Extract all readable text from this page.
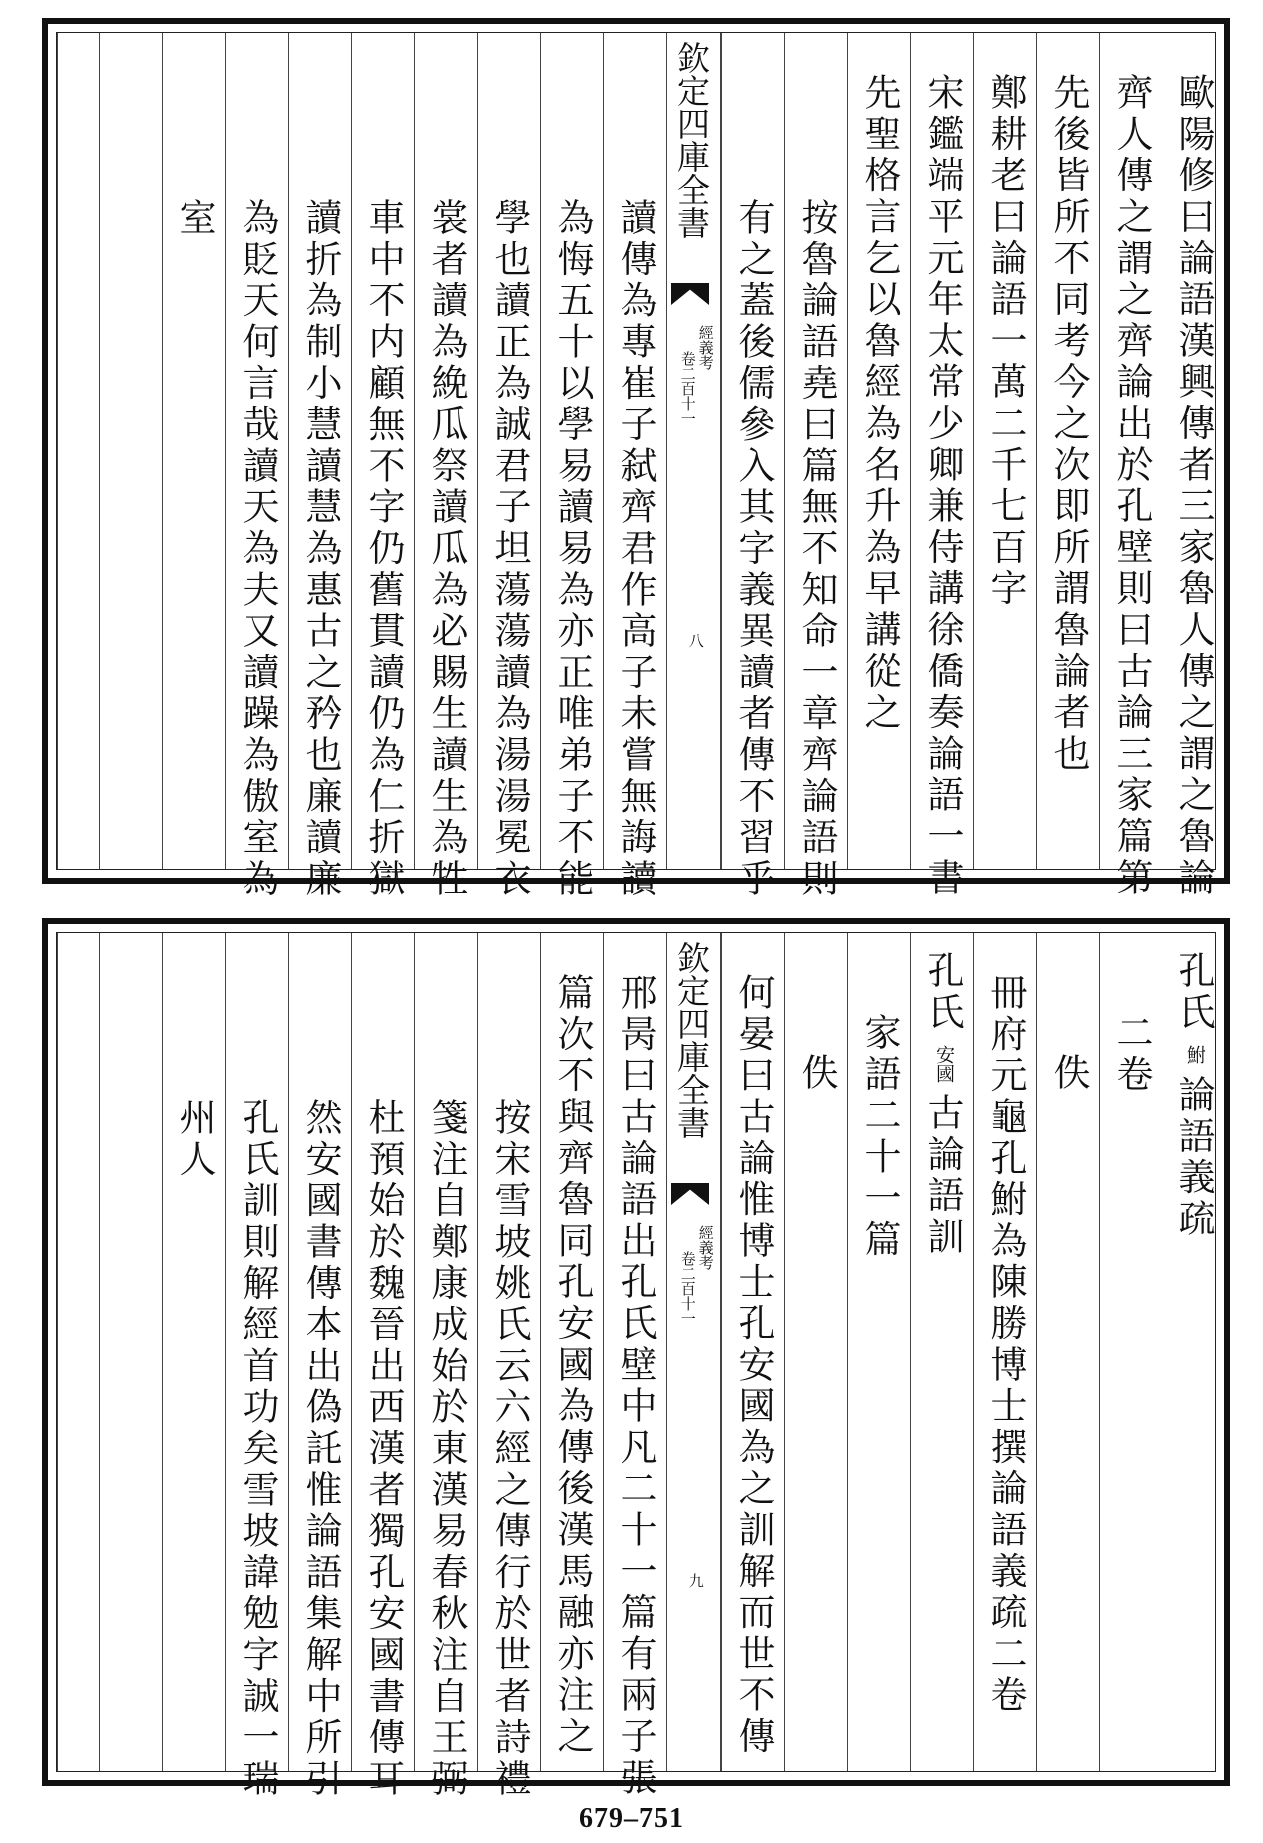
歐陽修曰論語漢興傳者三家魯人傳之謂之魯論
齊人傳之謂之齊論出於孔壁則曰古論三家篇第
先後皆所不同考今之次即所謂魯論者也
鄭耕老曰論語一萬二千七百字
宋鑑端平元年太常少卿兼侍講徐僑奏論語一書
先聖格言乞以魯經為名升為早講從之
按魯論語堯曰篇無不知命一章齊論語則
有之蓋後儒參入其字義異讀者傳不習乎
欽定四庫全書
經義考
卷二百十一
八
讀傳為專崔子弑齊君作高子未嘗無誨讀
為悔五十以學易讀易為亦正唯弟子不能
學也讀正為誠君子坦蕩蕩讀為湯湯冕衣
裳者讀為絻瓜祭讀瓜為必賜生讀生為牲
車中不内顧無不字仍舊貫讀仍為仁折獄
讀折為制小慧讀慧為惠古之矜也廉讀廉
為貶天何言哉讀天為夫又讀躁為傲室為
室
孔氏
鮒
論語義疏
二卷
佚
冊府元龜孔鮒為陳勝博士撰論語義疏二卷
孔氏
安國
古論語訓
家語二十一篇
佚
何晏曰古論惟博士孔安國為之訓解而世不傳
欽定四庫全書
經義考
卷二百十一
九
邢昺曰古論語出孔氏壁中凡二十一篇有兩子張
篇次不與齊魯同孔安國為傳後漢馬融亦注之
按宋雪坡姚氏云六經之傳行於世者詩禮
箋注自鄭康成始於東漢易春秋注自王弼
杜預始於魏晉出西漢者獨孔安國書傳耳
然安國書傳本出偽託惟論語集解中所引
孔氏訓則解經首功矣雪坡諱勉字誠一瑞
州人
679–751
